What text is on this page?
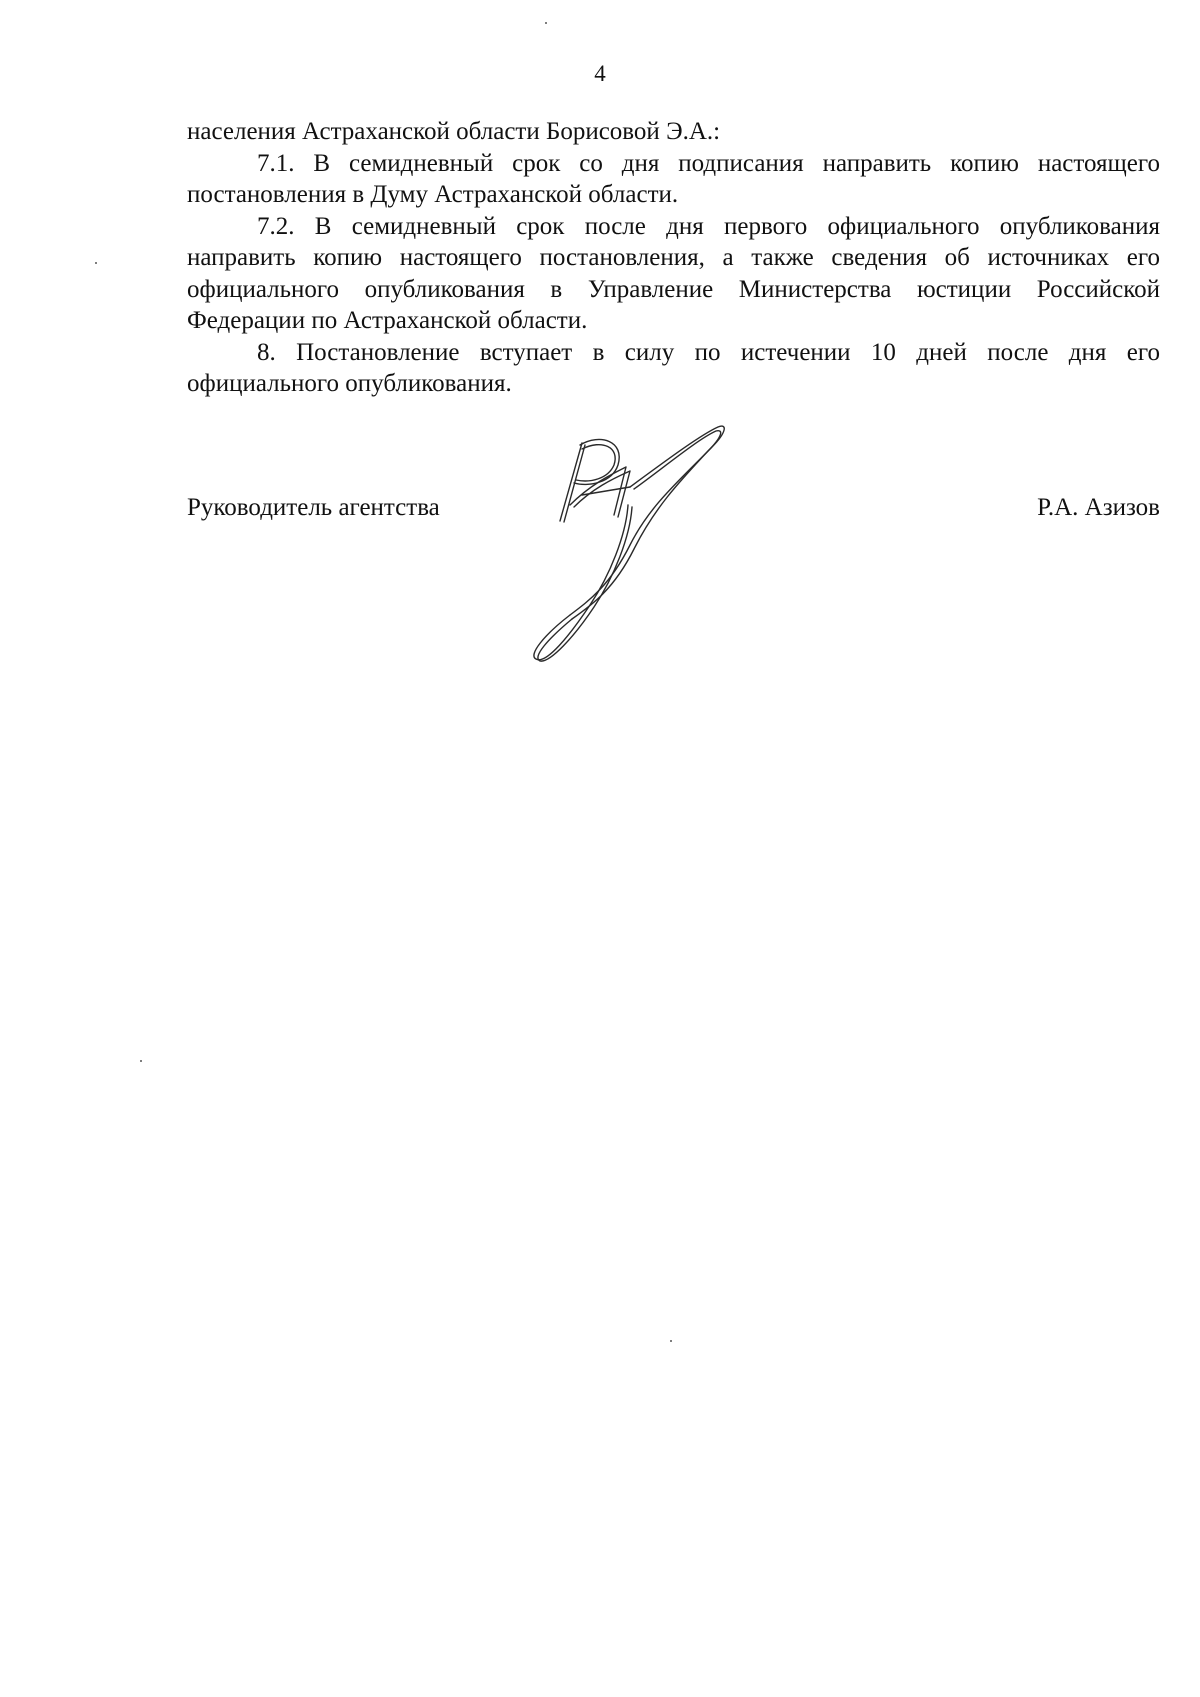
4

населения Астраханской области Борисовой Э.А.:

7.1. В семидневный срок со дня подписания направить копию настоящего постановления в Думу Астраханской области.

7.2. В семидневный срок после дня первого официального опубликования направить копию настоящего постановления, а также сведения об источниках его официального опубликования в Управление Министерства юстиции Российской Федерации по Астраханской области.

8. Постановление вступает в силу по истечении 10 дней после дня его официального опубликования.

Руководитель агентства	Р.А. Азизов
